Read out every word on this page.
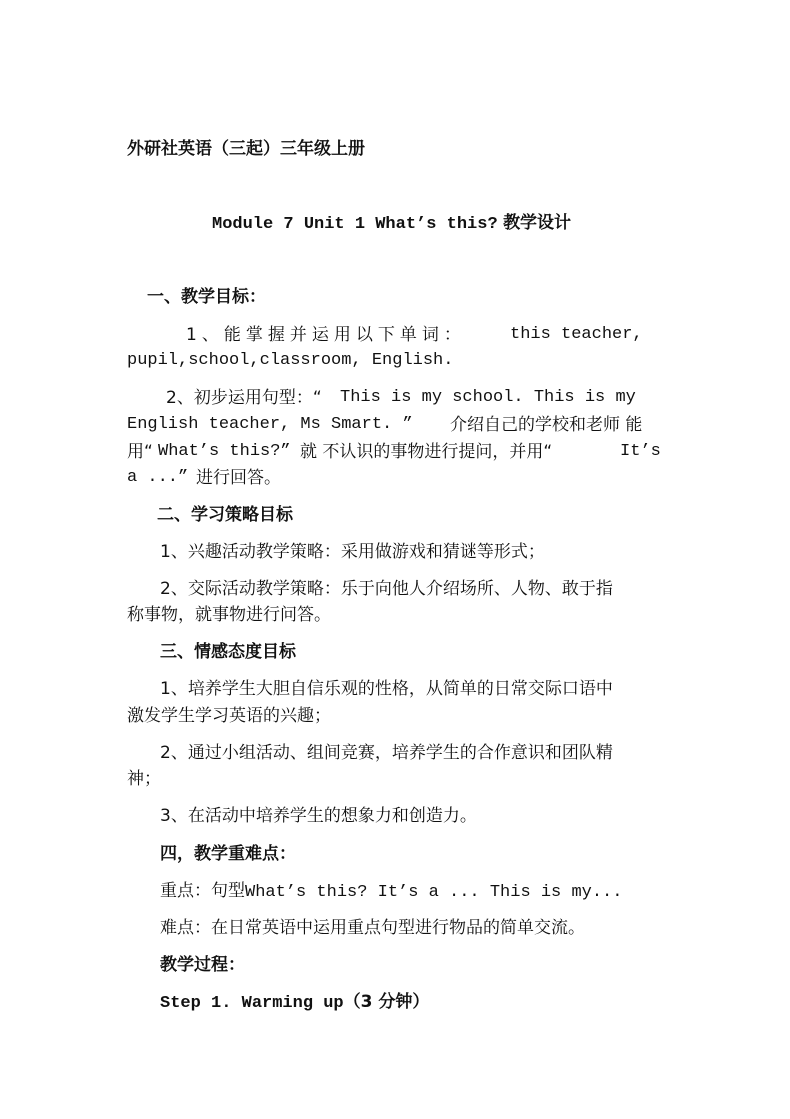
外研社英语（三起）三年级上册
Module 7 Unit 1 What’s this? 教学设计
一、教学目标：
1、能掌握并运用以下单词：	this teacher,
pupil,school,classroom, English.
2、初步运用句型：“ This is my school. This is my
English teacher, Ms Smart. ” 介绍自己的学校和老师 能
用“ What’s this?” 就 不认识的事物进行提问，并用“	It’s
a ...” 进行回答。
二、学习策略目标
1、兴趣活动教学策略：采用做游戏和猜谜等形式；
2、交际活动教学策略：乐于向他人介绍场所、人物、敢于指
称事物，就事物进行问答。
三、情感态度目标
1、培养学生大胆自信乐观的性格，从简单的日常交际口语中
激发学生学习英语的兴趣；
2、通过小组活动、组间竞赛，培养学生的合作意识和团队精
神；
3、在活动中培养学生的想象力和创造力。
四，教学重难点：
重点：句型What’s this? It’s a ... This is my...
难点：在日常英语中运用重点句型进行物品的简单交流。
教学过程：
Step 1. Warming up（3 分钟）
